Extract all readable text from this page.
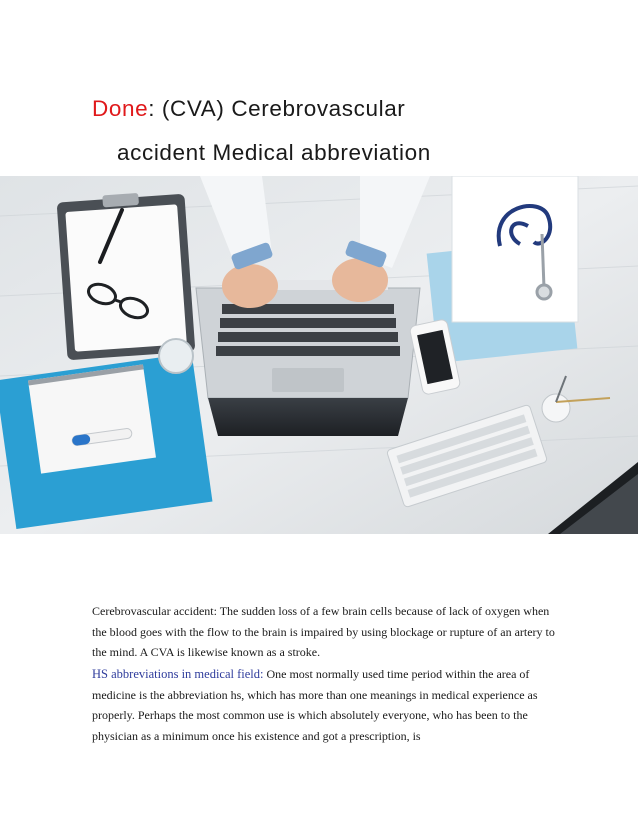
Done: (CVA) Cerebrovascular
accident Medical abbreviation

Cerebrovascular accident: The sudden loss of a few brain cells because of lack of oxygen when the blood goes with the flow to the brain is impaired by using blockage or rupture of an artery to the mind. A CVA is likewise known as a stroke.

HS abbreviations in medical field: One most normally used time period within the area of medicine is the abbreviation hs, which has more than one meanings in medical experience as properly. Perhaps the most common use is which absolutely everyone, who has been to the physician as a minimum once his existence and got a prescription, is
